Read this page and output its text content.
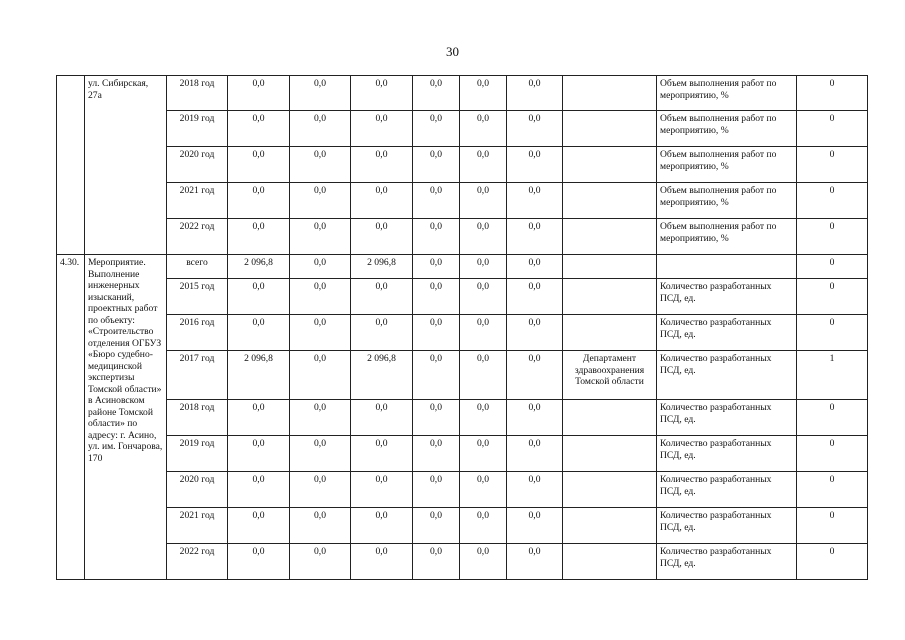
30
	ул. Сибирская, 27а	2018 год	0,0	0,0	0,0	0,0	0,0	0,0		Объем выполнения работ по мероприятию, %	0
		2019 год	0,0	0,0	0,0	0,0	0,0	0,0		Объем выполнения работ по мероприятию, %	0
		2020 год	0,0	0,0	0,0	0,0	0,0	0,0		Объем выполнения работ по мероприятию, %	0
		2021 год	0,0	0,0	0,0	0,0	0,0	0,0		Объем выполнения работ по мероприятию, %	0
		2022 год	0,0	0,0	0,0	0,0	0,0	0,0		Объем выполнения работ по мероприятию, %	0
4.30.	Мероприятие. Выполнение инженерных изысканий, проектных работ по объекту: «Строительство отделения ОГБУЗ «Бюро судебно-медицинской экспертизы Томской области» в Асиновском районе Томской области» по адресу: г. Асино, ул. им. Гончарова, 170	всего	2 096,8	0,0	2 096,8	0,0	0,0	0,0			0
		2015 год	0,0	0,0	0,0	0,0	0,0	0,0		Количество разработанных ПСД, ед.	0
		2016 год	0,0	0,0	0,0	0,0	0,0	0,0		Количество разработанных ПСД, ед.	0
		2017 год	2 096,8	0,0	2 096,8	0,0	0,0	0,0	Департамент здравоохранения Томской области	Количество разработанных ПСД, ед.	1
		2018 год	0,0	0,0	0,0	0,0	0,0	0,0		Количество разработанных ПСД, ед.	0
		2019 год	0,0	0,0	0,0	0,0	0,0	0,0		Количество разработанных ПСД, ед.	0
		2020 год	0,0	0,0	0,0	0,0	0,0	0,0		Количество разработанных ПСД, ед.	0
		2021 год	0,0	0,0	0,0	0,0	0,0	0,0		Количество разработанных ПСД, ед.	0
		2022 год	0,0	0,0	0,0	0,0	0,0	0,0		Количество разработанных ПСД, ед.	0
